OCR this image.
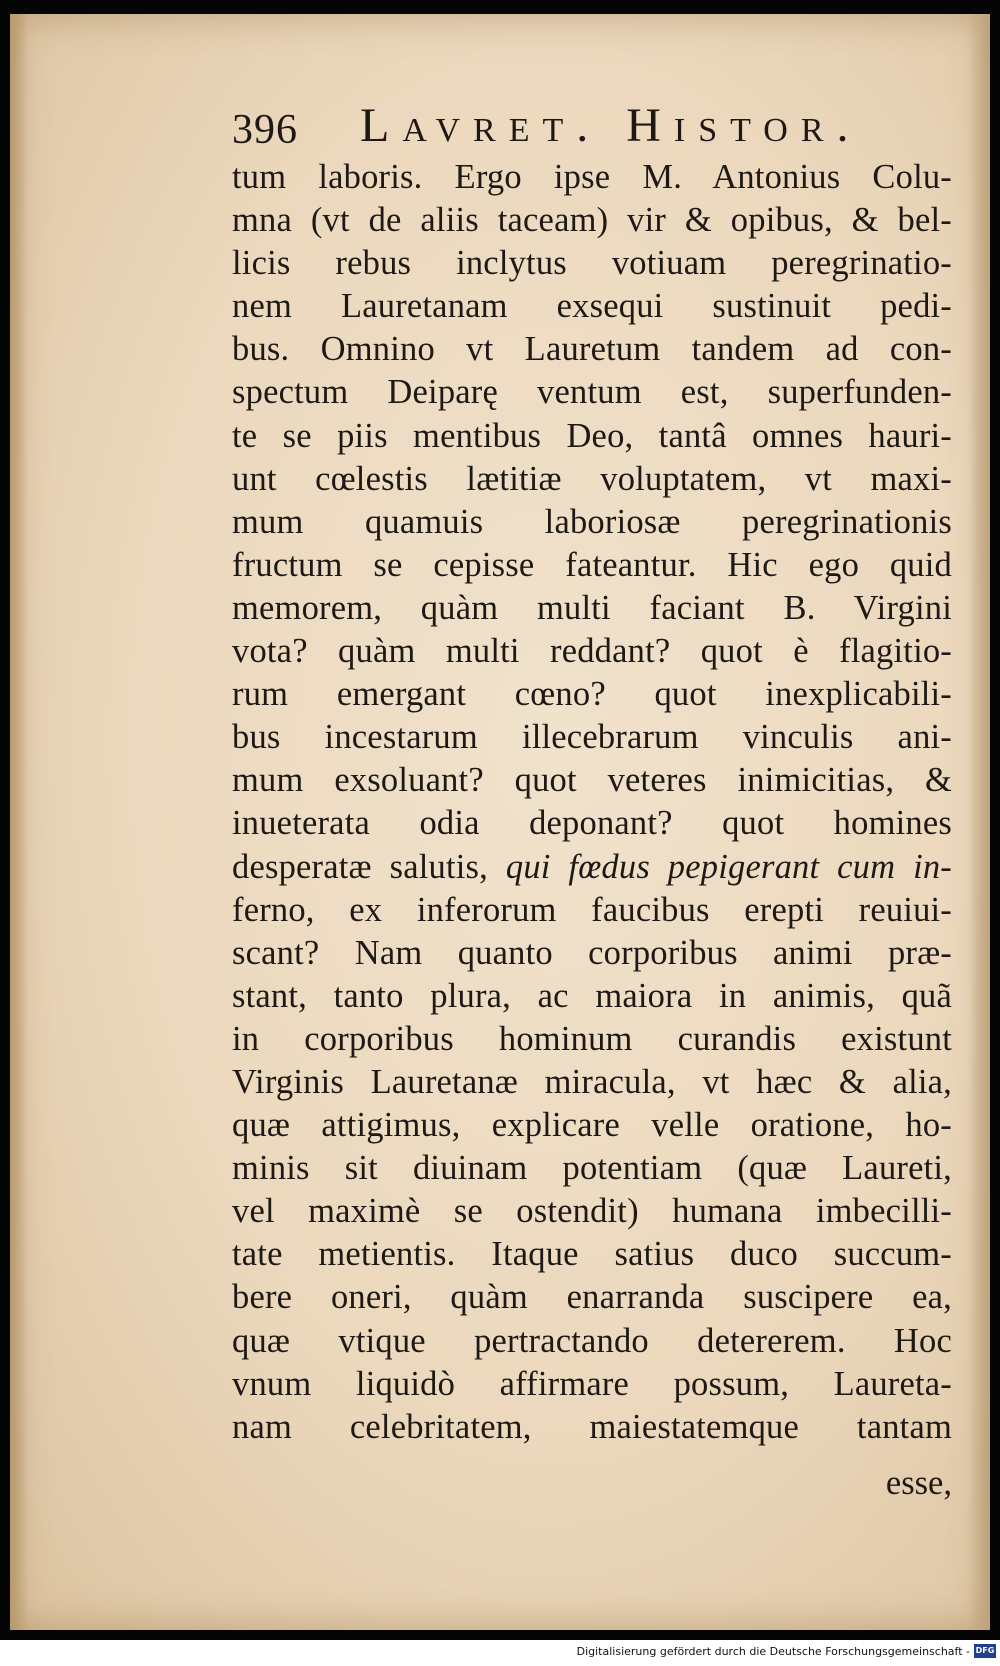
396 Lavret. Histor.
tum laboris. Ergo ipse M. Antonius Colu-
mna (vt de aliis taceam) vir & opibus, & bel-
licis rebus inclytus votiuam peregrinatio-
nem Lauretanam exsequi sustinuit pedi-
bus. Omnino vt Lauretum tandem ad con-
spectum Deiparę ventum est, superfunden-
te se piis mentibus Deo, tantâ omnes hauri-
unt cœlestis lætitiæ voluptatem, vt maxi-
mum quamuis laboriosæ peregrinationis
fructum se cepisse fateantur. Hic ego quid
memorem, quàm multi faciant B. Virgini
vota? quàm multi reddant? quot è flagitio-
rum emergant cœno? quot inexplicabili-
bus incestarum illecebrarum vinculis ani-
mum exsoluant? quot veteres inimicitias, &
inueterata odia deponant? quot homines
desperatæ salutis, qui fœdus pepigerant cum in-
ferno, ex inferorum faucibus erepti reuiui-
scant? Nam quanto corporibus animi præ-
stant, tanto plura, ac maiora in animis, quã
in corporibus hominum curandis existunt
Virginis Lauretanæ miracula, vt hæc & alia,
quæ attigimus, explicare velle oratione, ho-
minis sit diuinam potentiam (quæ Laureti,
vel maximè se ostendit) humana imbecilli-
tate metientis. Itaque satius duco succum-
bere oneri, quàm enarranda suscipere ea,
quæ vtique pertractando detererem. Hoc
vnum liquidò affirmare possum, Laureta-
nam celebritatem, maiestatemque tantam
esse,
Digitalisierung gefördert durch die Deutsche Forschungsgemeinschaft - DFG
